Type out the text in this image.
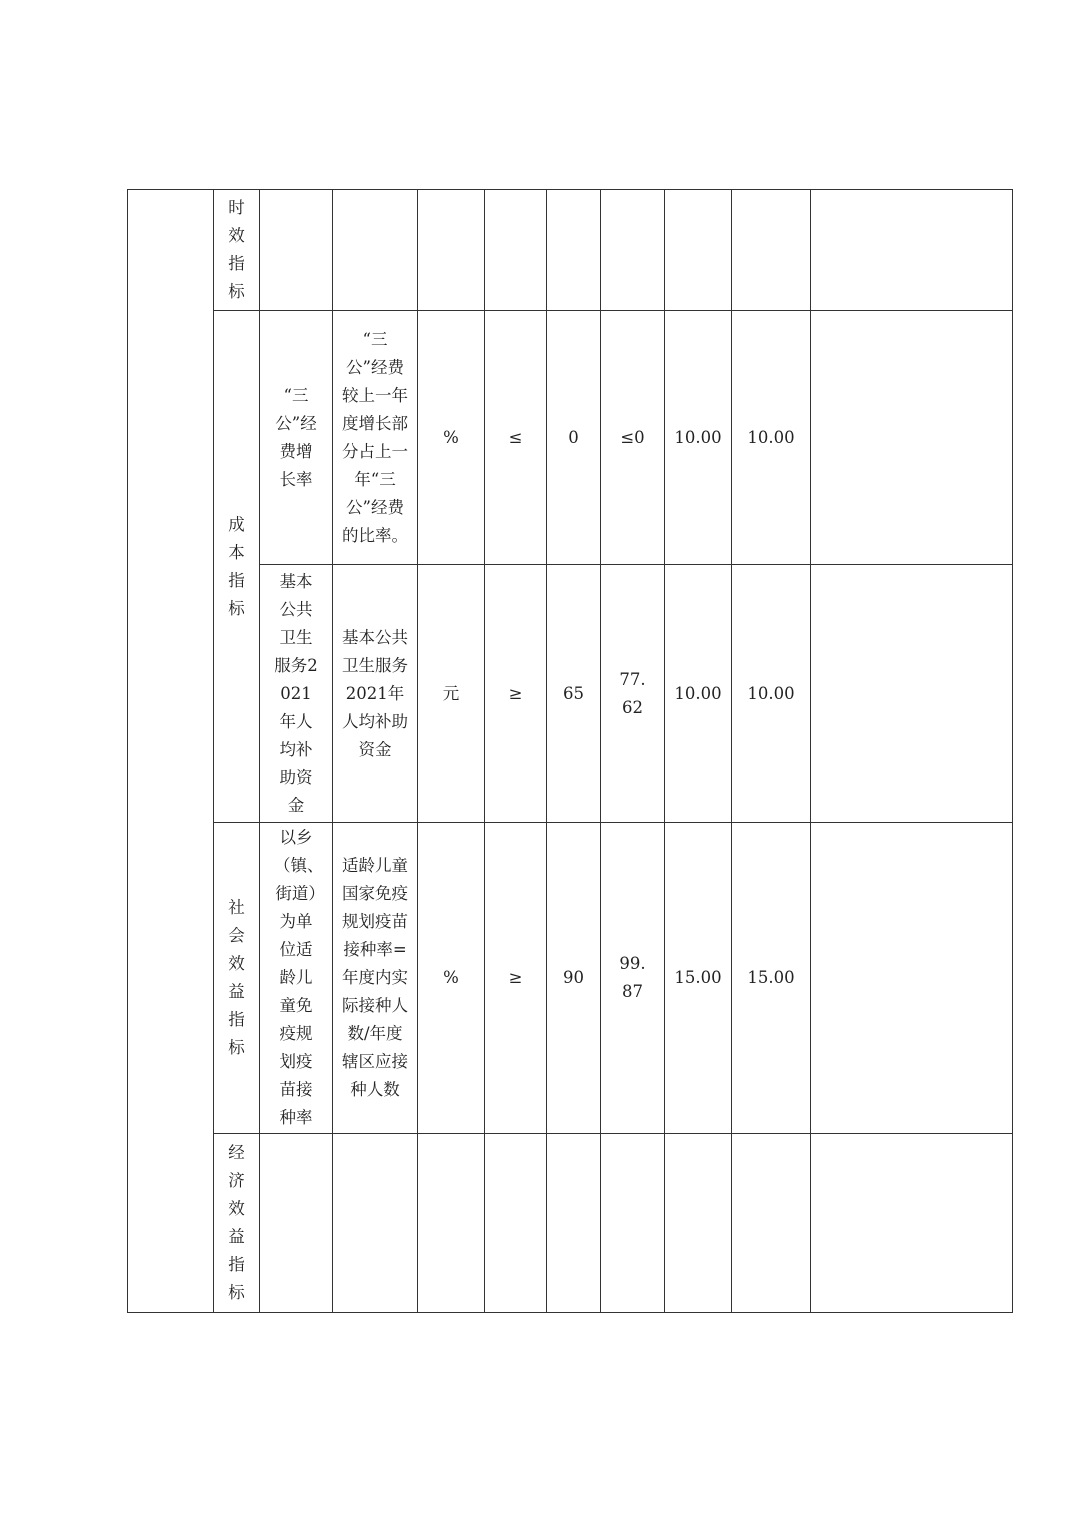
	时效指标									

	成本指标	“三公”经费增长率	“三公”经费较上一年度增长部分占上一年“三公”经费的比率。	%	≤	0	≤0	10.00	10.00	

		基本公共卫生服务2021年人均补助资金	基本公共卫生服务2021年人均补助资金	元	≥	65	77.62	10.00	10.00	

	社会效益指标	以乡（镇、街道）为单位适龄儿童免疫规划疫苗接种率	适龄儿童国家免疫规划疫苗接种率=年度内实际接种人数/年度辖区应接种人数	%	≥	90	99.87	15.00	15.00	

	经济效益指标									
